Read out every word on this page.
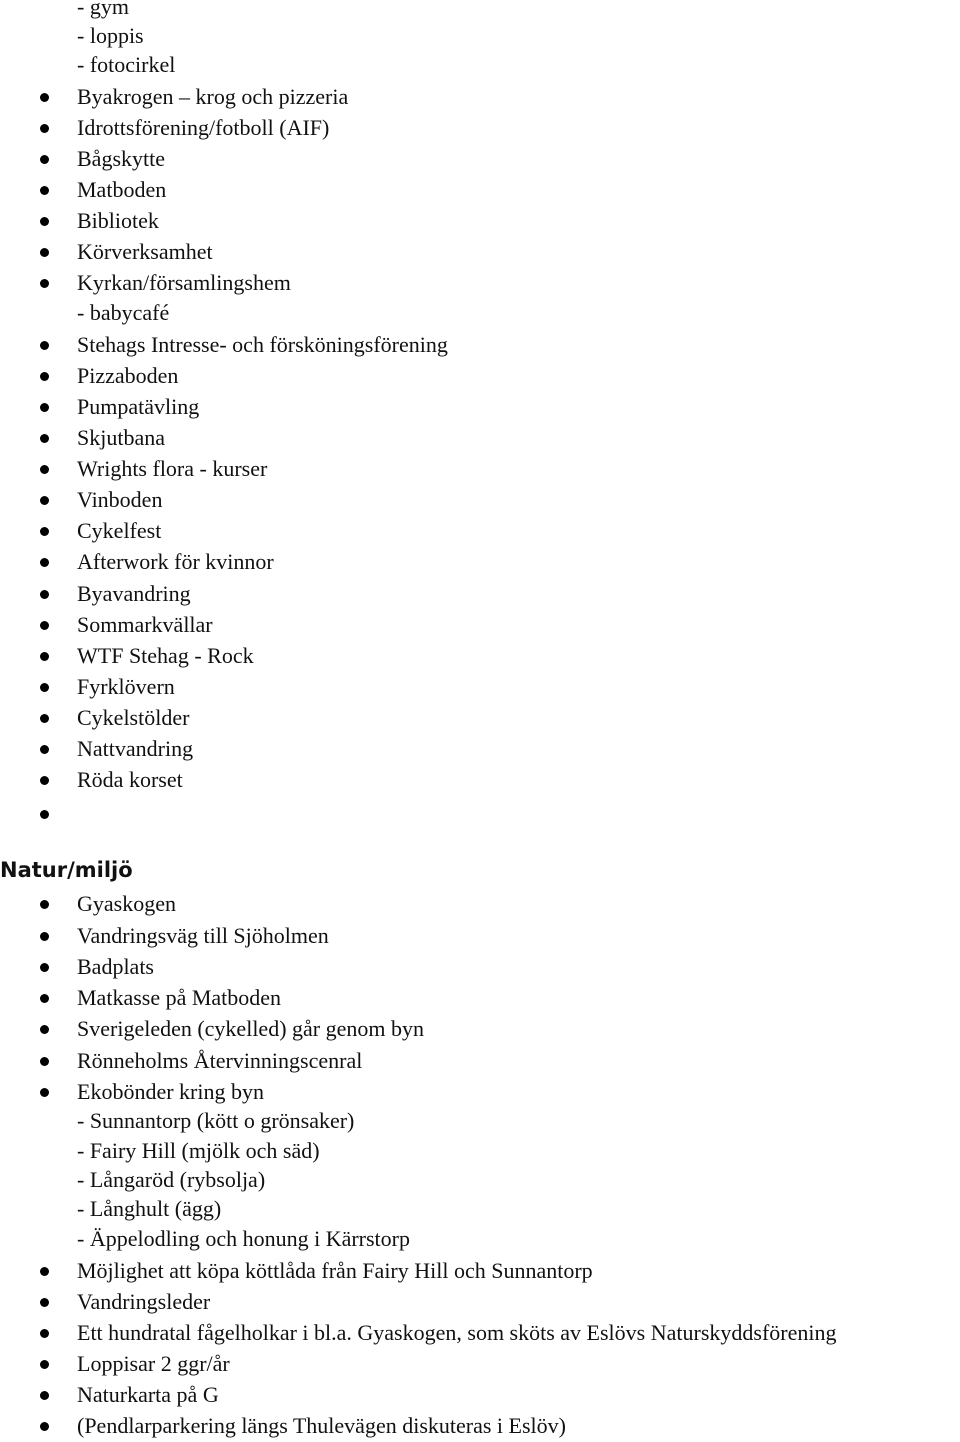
- gym
- loppis
- fotocirkel
Byakrogen – krog och pizzeria
Idrottsförening/fotboll (AIF)
Bågskytte
Matboden
Bibliotek
Körverksamhet
Kyrkan/församlingshem
- babycafé
Stehags Intresse- och försköningsförening
Pizzaboden
Pumpatävling
Skjutbana
Wrights flora - kurser
Vinboden
Cykelfest
Afterwork för kvinnor
Byavandring
Sommarkvällar
WTF Stehag - Rock
Fyrklövern
Cykelstölder
Nattvandring
Röda korset
Natur/miljö
Gyaskogen
Vandringsväg till Sjöholmen
Badplats
Matkasse på Matboden
Sverigeleden (cykelled) går genom byn
Rönneholms Återvinningscenral
Ekobönder kring byn
- Sunnantorp (kött o grönsaker)
- Fairy Hill (mjölk och säd)
- Långaröd (rybsolja)
- Långhult (ägg)
- Äppelodling och honung i Kärrstorp
Möjlighet att köpa köttlåda från Fairy Hill och Sunnantorp
Vandringsleder
Ett hundratal fågelholkar i bl.a. Gyaskogen, som sköts av Eslövs Naturskyddsförening
Loppisar 2 ggr/år
Naturkarta på G
(Pendlarparkering längs Thulevägen diskuteras i Eslöv)
